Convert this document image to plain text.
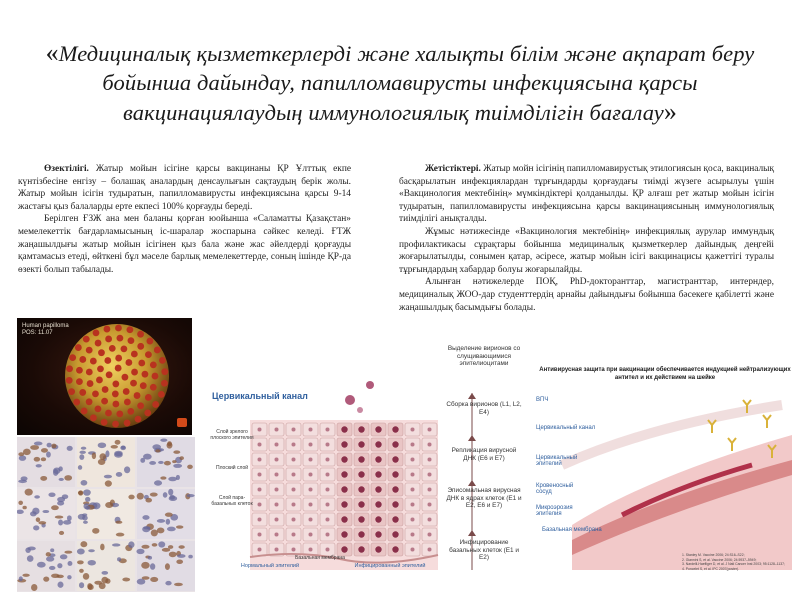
«Медициналық қызметкерлерді және халықты білім және ақпарат беру бойынша дайындау, папилломавирусты инфекциясына қарсы вакцинациялаудың иммунологиялық тиімділігін бағалау»

Өзектілігі. Жатыр мойын ісігіне қарсы вакцинаны ҚР Ұлттық екпе күнтізбесіне енгізу – болашақ аналардың денсаулығын сақтаудың берік жолы. Жатыр мойын ісігін тудыратын, папилломавирусты инфекциясына қарсы 9-14 жастағы қыз балаларды ерте екпесі 100% қорғауды береді.

Берілген ҒЗЖ ана мен баланы қорған юойынша «Саламатты Қазақстан» мемелекеттік бағдарламысының іс-шаралар жоспарына сәйкес келеді. ҒТЖ жаңашылдығы жатыр мойын ісігінен қыз бала және жас әйелдерді қорғауды қамтамасыз етеді, өйткені бұл мәселе барлық мемелекеттерде, соның ішінде ҚР-да өзекті болып табылады.

Жетістіктері. Жатыр мойн ісігінің папилломавирустық этилогиясын қоса, вакциналық басқарылатын инфекциялардан тұрғындарды қорғаудағы тиімді жүзеге асырылуы үшін «Вакцинология мектебінің» мүмкіндіктері қолданылды. ҚР алғаш рет жатыр мойын ісігін тудыратын, папилломавирусты инфекциясына қарсы вакцинациясының иммунологиялық тиімділігі анықталды.

Жұмыс нәтижесінде «Вакцинология мектебінің» инфекциялық аурулар иммундық профилактикасы сұрақтары бойынша медициналық қызметкерлер дайындық деңгейі жоғарылатылды, сонымен қатар, әсіресе, жатыр мойын ісігі вакцинацисы қажеттігі туралы тұрғындардың хабардар болуы жоғарылайды.

Алынған нәтижелерде ПОҚ, PhD-докторанттар, магистранттар, интерндер, медициналық ЖОО-дар студенттердің арнайы дайындығы бойынша бәсекеге қабілетті және жаңашылдық басымдығы болады.

Human papilloma
POS: 11.07
Цервикальный канал
Слой зрелого плоского эпителия
Плоский слой
Слой пара-базальных клеток
Базальная мембрана
Нормальный эпителий	Инфицированный эпителий
Выделение вирионов со слущивающимися эпителиоцитами
Сборка вирионов (L1, L2, E4)
Репликация вирусной ДНК (E6 и E7)
Эписомальная вирусная ДНК в ядрах клеток (E1 и E2, E6 и E7)
Инфицирование базальных клеток (E1 и E2)
Антивирусная защита при вакцинации обеспечивается индукцией нейтрализующих антител и их действием на шейке
ВПЧ
Цервикальный канал
Цервикальный эпителий
Кровеносный сосуд
Микроэрозия эпителия
Базальная мембрана
1. Stanley M. Vaccine 2006; 24:S16–S22;
2. Giannini S, et al. Vaccine 2006; 24:5937–5949;
3. Nardelli-Haefliger D, et al. J Natl Cancer Inst 2003; 95:1128–1137;
4. Poncelet S, et al. IPC 2007(poster).
